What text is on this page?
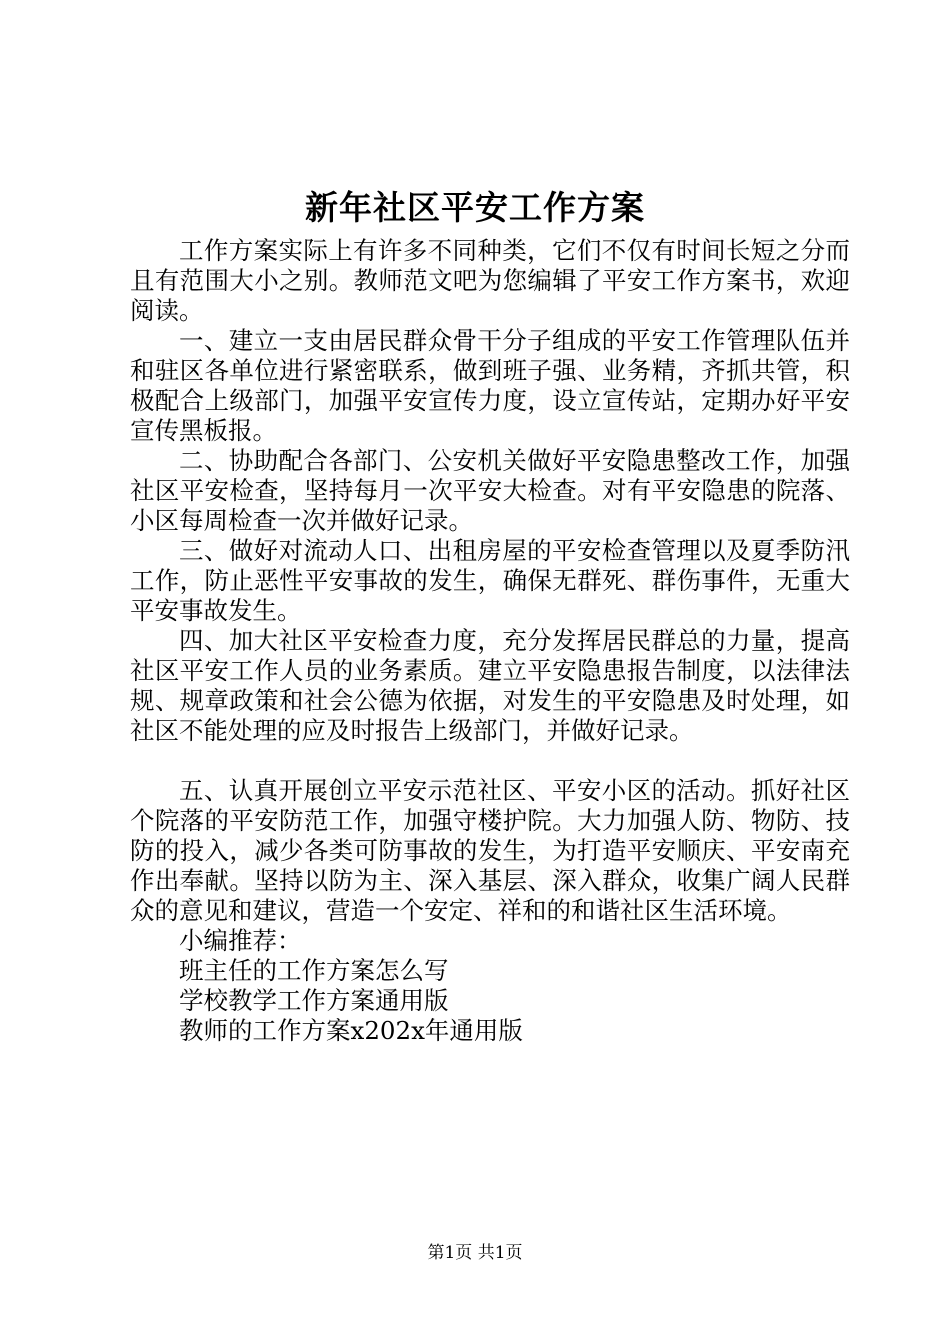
新年社区平安工作方案

工作方案实际上有许多不同种类，它们不仅有时间长短之分而且有范围大小之别。教师范文吧为您编辑了平安工作方案书，欢迎阅读。

一、建立一支由居民群众骨干分子组成的平安工作管理队伍并和驻区各单位进行紧密联系，做到班子强、业务精，齐抓共管，积极配合上级部门，加强平安宣传力度，设立宣传站，定期办好平安宣传黑板报。

二、协助配合各部门、公安机关做好平安隐患整改工作，加强社区平安检查，坚持每月一次平安大检查。对有平安隐患的院落、小区每周检查一次并做好记录。

三、做好对流动人口、出租房屋的平安检查管理以及夏季防汛工作，防止恶性平安事故的发生，确保无群死、群伤事件，无重大平安事故发生。

四、加大社区平安检查力度，充分发挥居民群总的力量，提高社区平安工作人员的业务素质。建立平安隐患报告制度，以法律法规、规章政策和社会公德为依据，对发生的平安隐患及时处理，如社区不能处理的应及时报告上级部门，并做好记录。

五、认真开展创立平安示范社区、平安小区的活动。抓好社区个院落的平安防范工作，加强守楼护院。大力加强人防、物防、技防的投入，减少各类可防事故的发生，为打造平安顺庆、平安南充作出奉献。坚持以防为主、深入基层、深入群众，收集广阔人民群众的意见和建议，营造一个安定、祥和的和谐社区生活环境。

小编推荐：

班主任的工作方案怎么写

学校教学工作方案通用版

教师的工作方案x202x年通用版

第1页 共1页
